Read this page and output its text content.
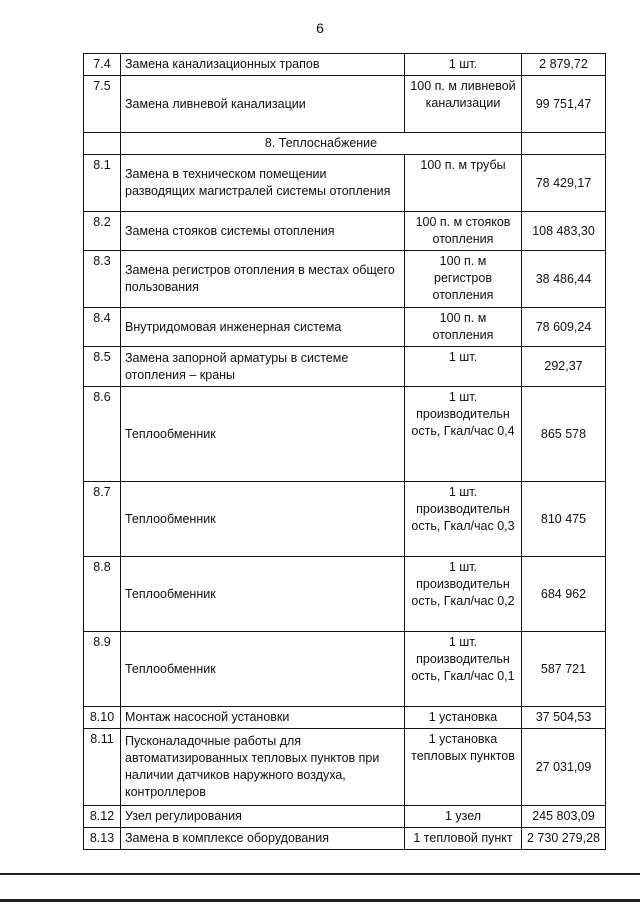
6
7.4	Замена канализационных трапов	1 шт.	2 879,72
7.5	Замена ливневой канализации	100 п. м ливневой канализации	99 751,47
	8. Теплоснабжение		
8.1	Замена в техническом помещении разводящих магистралей системы отопления	100 п. м трубы	78 429,17
8.2	Замена стояков системы отопления	100 п. м стояков отопления	108 483,30
8.3	Замена регистров отопления в местах общего пользования	100 п. м регистров отопления	38 486,44
8.4	Внутридомовая инженерная система	100 п. м отопления	78 609,24
8.5	Замена запорной арматуры в системе отопления – краны	1 шт.	292,37
8.6	Теплообменник	1 шт. производительн ость, Гкал/час 0,4	865 578
8.7	Теплообменник	1 шт. производительн ость, Гкал/час 0,3	810 475
8.8	Теплообменник	1 шт. производительн ость, Гкал/час 0,2	684 962
8.9	Теплообменник	1 шт. производительн ость, Гкал/час 0,1	587 721
8.10	Монтаж насосной установки	1 установка	37 504,53
8.11	Пусконаладочные работы для автоматизированных тепловых пунктов при наличии датчиков наружного воздуха, контроллеров	1 установка тепловых пунктов	27 031,09
8.12	Узел регулирования	1 узел	245 803,09
8.13	Замена в комплексе оборудования	1 тепловой пункт	2 730 279,28
